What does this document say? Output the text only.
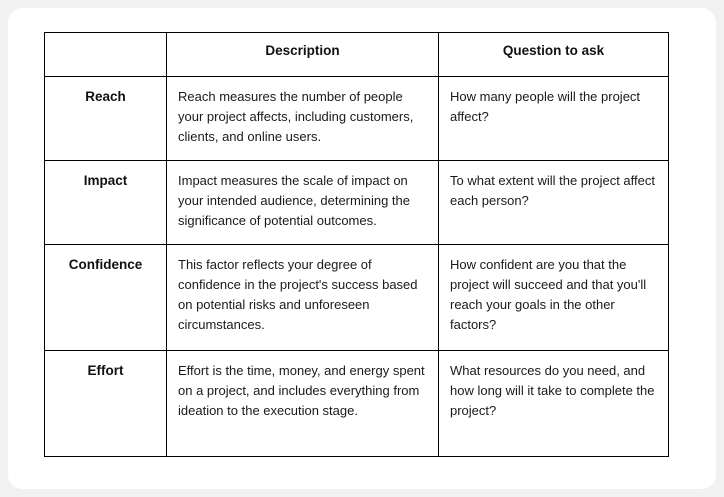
	Description	Question to ask
Reach	Reach measures the number of people your project affects, including customers, clients, and online users.	How many people will the project affect?
Impact	Impact measures the scale of impact on your intended audience, determining the significance of potential outcomes.	To what extent will the project affect each person?
Confidence	This factor reflects your degree of confidence in the project's success based on potential risks and unforeseen circumstances.	How confident are you that the project will succeed and that you'll reach your goals in the other factors?
Effort	Effort is the time, money, and energy spent on a project, and includes everything from ideation to the execution stage.	What resources do you need, and how long will it take to complete the project?
